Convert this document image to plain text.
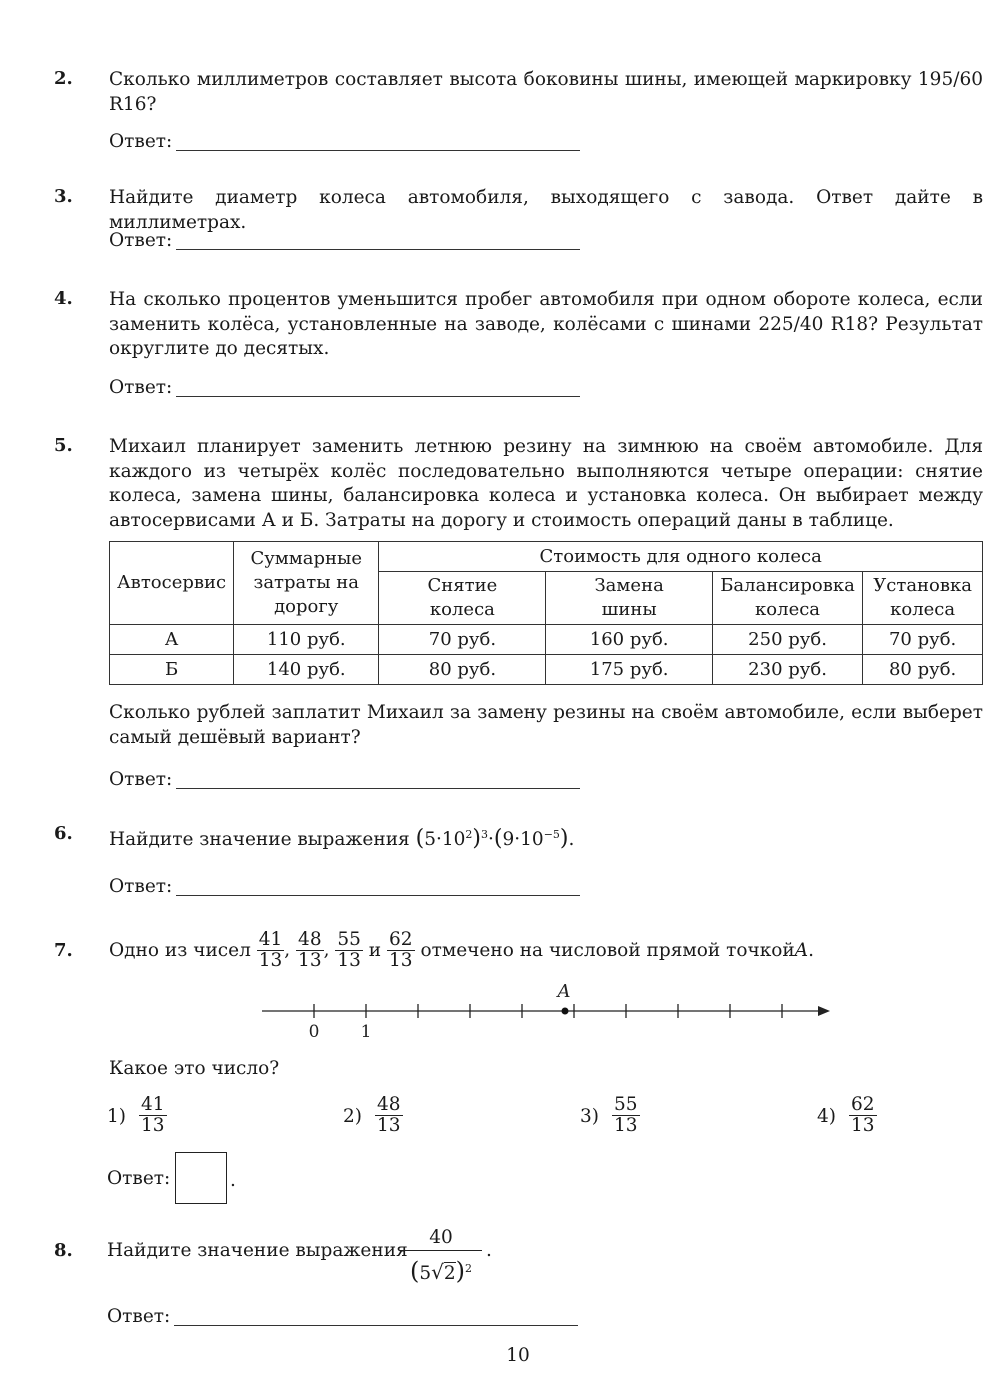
2. Сколько миллиметров составляет высота боковины шины, имеющей маркировку 195/60 R16?
Ответ:
3. Найдите диаметр колеса автомобиля, выходящего с завода. Ответ дайте в миллиметрах.
Ответ:
4. На сколько процентов уменьшится пробег автомобиля при одном обороте колеса, если заменить колёса, установленные на заводе, колёсами с шинами 225/40 R18? Результат округлите до десятых.
Ответ:
5. Михаил планирует заменить летнюю резину на зимнюю на своём автомобиле. Для каждого из четырёх колёс последовательно выполняются четыре операции: снятие колеса, замена шины, балансировка колеса и установка колеса. Он выбирает между автосервисами А и Б. Затраты на дорогу и стоимость операций даны в таблице.
Автосервис	Суммарные затраты на дорогу	Стоимость для одного колеса			
		Снятие колеса	Замена шины	Балансировка колеса	Установка колеса
А	110 руб.	70 руб.	160 руб.	250 руб.	70 руб.
Б	140 руб.	80 руб.	175 руб.	230 руб.	80 руб.
Сколько рублей заплатит Михаил за замену резины на своём автомобиле, если выберет самый дешёвый вариант?
Ответ:
6. Найдите значение выражения $(5\cdot 10^2)^3\cdot(9\cdot 10^{-5})$.
Ответ:
7. Одно из чисел $\frac{41}{13}$ , $\frac{48}{13}$ , $\frac{55}{13}$ и $\frac{62}{13}$ отмечено на числовой прямой точкойA.
A
0 1
Какое это число?
$1) \frac{41}{13}$	$2) \frac{48}{13}$	$3) \frac{55}{13}$	$4) \frac{62}{13}$
Ответ:	.
8. Найдите значение выражения
$\frac{40}{(5√2)^2}$ .
Ответ:
10
